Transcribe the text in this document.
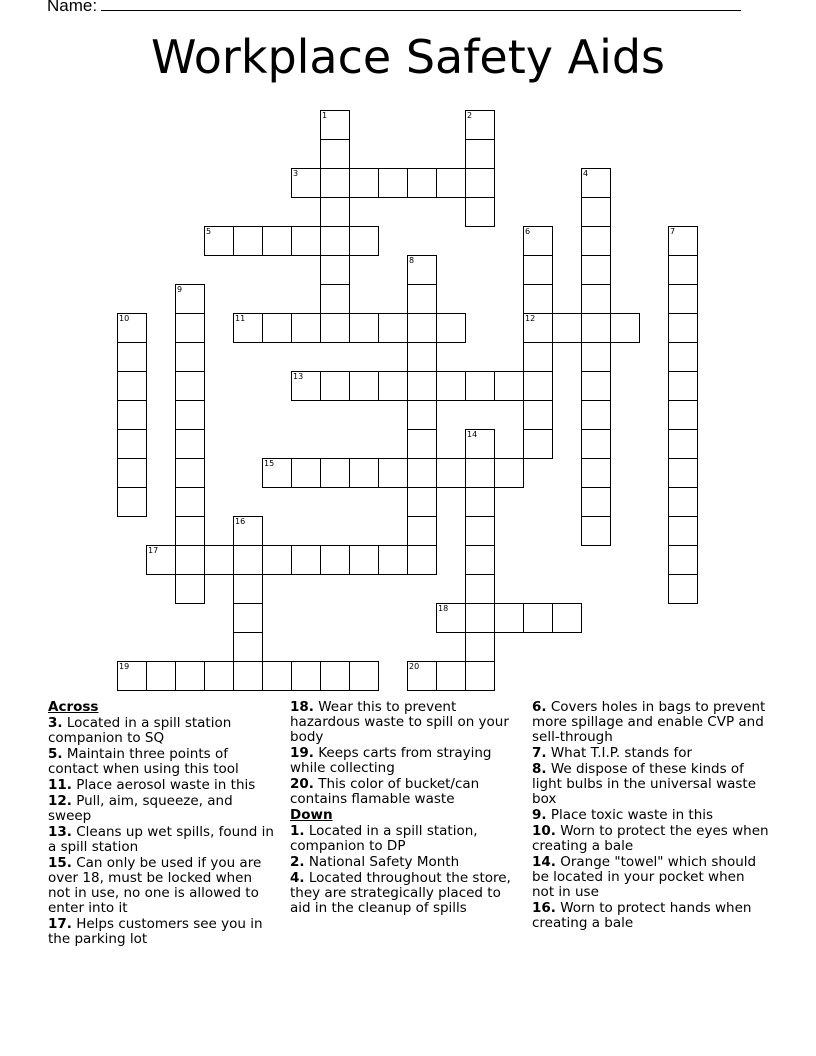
Name:
Workplace Safety Aids
1	2
3	4
5	6
12
7
8
9
10	11
13
14
15
16
17
18
19	20
Across
3. Located in a spill station companion to SQ
5. Maintain three points of contact when using this tool
11. Place aerosol waste in this
12. Pull, aim, squeeze, and sweep
13. Cleans up wet spills, found in a spill station
15. Can only be used if you are over 18, must be locked when not in use, no one is allowed to enter into it
17. Helps customers see you in the parking lot
18. Wear this to prevent hazardous waste to spill on your body
19. Keeps carts from straying while collecting
20. This color of bucket/can contains flamable waste
Down
1. Located in a spill station, companion to DP
2. National Safety Month
4. Located throughout the store, they are strategically placed to aid in the cleanup of spills
6. Covers holes in bags to prevent more spillage and enable CVP and sell-through
7. What T.I.P. stands for
8. We dispose of these kinds of light bulbs in the universal waste box
9. Place toxic waste in this
10. Worn to protect the eyes when creating a bale
14. Orange "towel" which should be located in your pocket when not in use
16. Worn to protect hands when creating a bale
